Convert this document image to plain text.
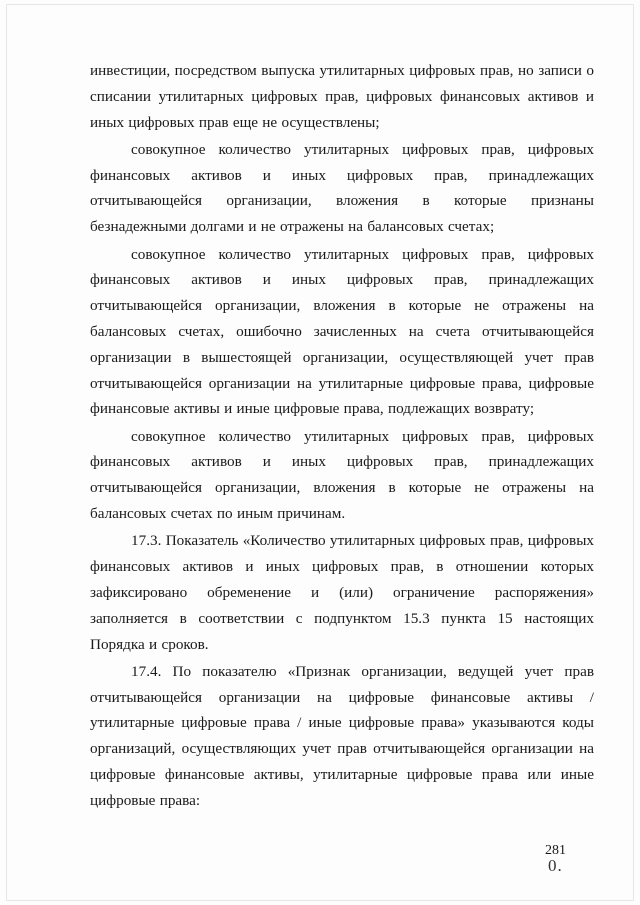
инвестиции, посредством выпуска утилитарных цифровых прав, но записи о списании утилитарных цифровых прав, цифровых финансовых активов и иных цифровых прав еще не осуществлены;

совокупное количество утилитарных цифровых прав, цифровых финансовых активов и иных цифровых прав, принадлежащих отчитывающейся организации, вложения в которые признаны безнадежными долгами и не отражены на балансовых счетах;

совокупное количество утилитарных цифровых прав, цифровых финансовых активов и иных цифровых прав, принадлежащих отчитывающейся организации, вложения в которые не отражены на балансовых счетах, ошибочно зачисленных на счета отчитывающейся организации в вышестоящей организации, осуществляющей учет прав отчитывающейся организации на утилитарные цифровые права, цифровые финансовые активы и иные цифровые права, подлежащих возврату;

совокупное количество утилитарных цифровых прав, цифровых финансовых активов и иных цифровых прав, принадлежащих отчитывающейся организации, вложения в которые не отражены на балансовых счетах по иным причинам.

17.3. Показатель «Количество утилитарных цифровых прав, цифровых финансовых активов и иных цифровых прав, в отношении которых зафиксировано обременение и (или) ограничение распоряжения» заполняется в соответствии с подпунктом 15.3 пункта 15 настоящих Порядка и сроков.

17.4. По показателю «Признак организации, ведущей учет прав отчитывающейся организации на цифровые финансовые активы / утилитарные цифровые права / иные цифровые права» указываются коды организаций, осуществляющих учет прав отчитывающейся организации на цифровые финансовые активы, утилитарные цифровые права или иные цифровые права:

281
0.
